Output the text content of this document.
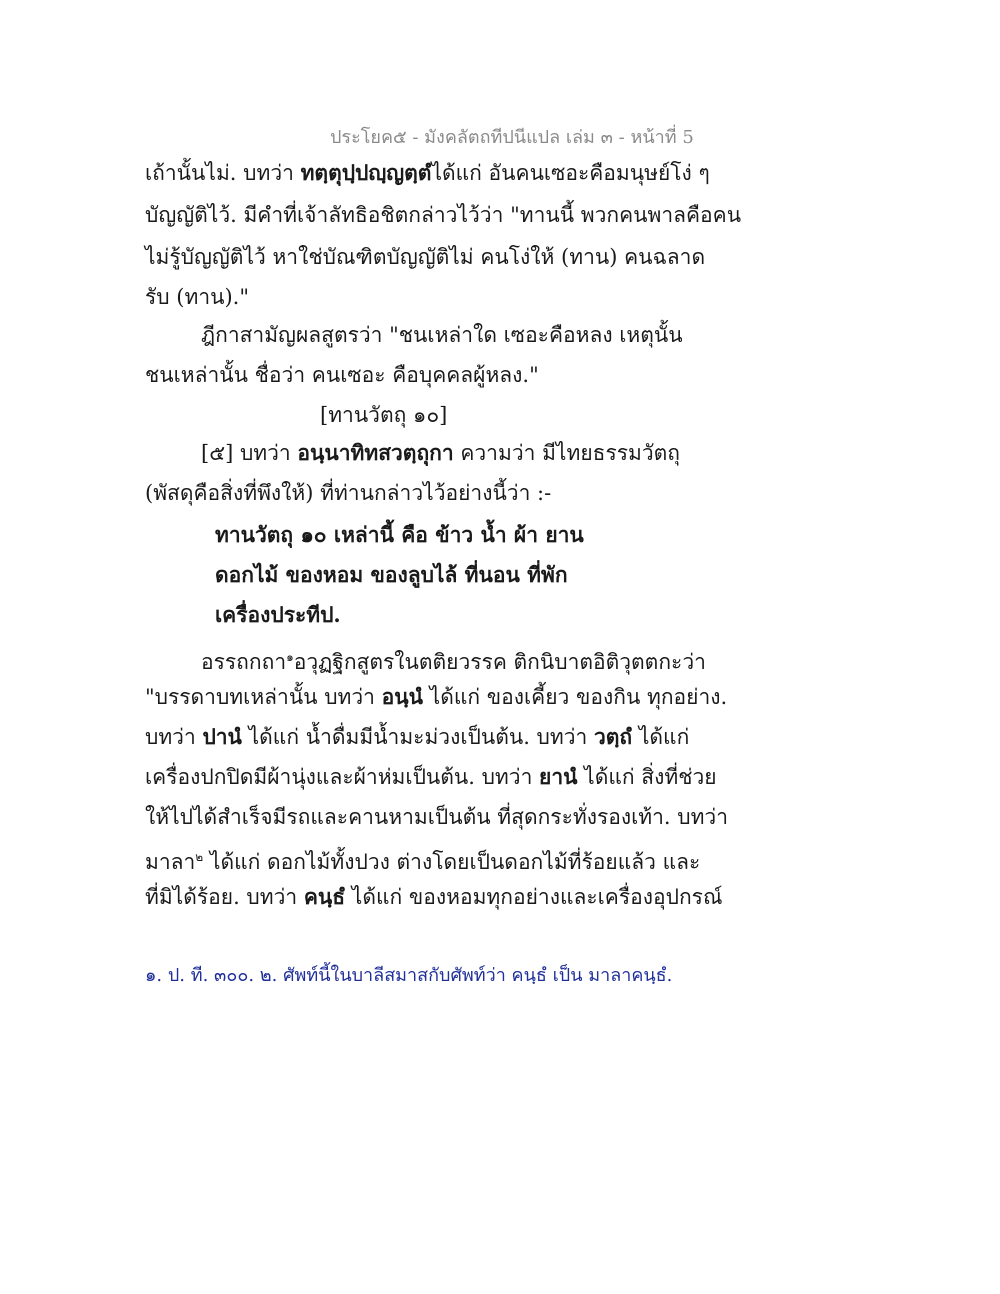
ประโยค๕ - มังคลัตถทีปนีแปล เล่ม ๓ - หน้าที่ 5
เถ้านั้นไม่. บทว่า ทตฺตุปฺปญฺญตฺตํได้แก่ อันคนเซอะคือมนุษย์โง่ ๆ
บัญญัติไว้. มีคำที่เจ้าลัทธิอชิตกล่าวไว้ว่า "ทานนี้ พวกคนพาลคือคน
ไม่รู้บัญญัติไว้ หาใช่บัณฑิตบัญญัติไม่ คนโง่ให้ (ทาน) คนฉลาด
รับ (ทาน)."
ฎีกาสามัญผลสูตรว่า "ชนเหล่าใด เซอะคือหลง เหตุนั้น
ชนเหล่านั้น ชื่อว่า คนเซอะ คือบุคคลผู้หลง."
[ทานวัตถุ ๑๐]
[๕] บทว่า อนฺนาทิทสวตฺถุกา ความว่า มีไทยธรรมวัตถุ
(พัสดุคือสิ่งที่พึงให้) ที่ท่านกล่าวไว้อย่างนี้ว่า :-
ทานวัตถุ ๑๐ เหล่านี้ คือ ข้าว น้ำ ผ้า ยาน
ดอกไม้ ของหอม ของลูบไล้ ที่นอน ที่พัก
เครื่องประทีป.
อรรถกถา$^๑$อวุฏฐิกสูตรในตติยวรรค ติกนิบาตอิติวุตตกะว่า
"บรรดาบทเหล่านั้น บทว่า อนฺนํ ได้แก่ ของเคี้ยว ของกิน ทุกอย่าง.
บทว่า ปานํ ได้แก่ น้ำดื่มมีน้ำมะม่วงเป็นต้น. บทว่า วตฺถํ ได้แก่
เครื่องปกปิดมีผ้านุ่งและผ้าห่มเป็นต้น. บทว่า ยานํ ได้แก่ สิ่งที่ช่วย
ให้ไปได้สำเร็จมีรถและคานหามเป็นต้น ที่สุดกระทั่งรองเท้า. บทว่า
มาลา$^๒$ ได้แก่ ดอกไม้ทั้งปวง ต่างโดยเป็นดอกไม้ที่ร้อยแล้ว และ
ที่มิได้ร้อย. บทว่า คนฺธํ ได้แก่ ของหอมทุกอย่างและเครื่องอุปกรณ์
๑. ป. ที. ๓๐๐. ๒. ศัพท์นี้ในบาลีสมาสกับศัพท์ว่า คนฺธํ เป็น มาลาคนฺธํ.
